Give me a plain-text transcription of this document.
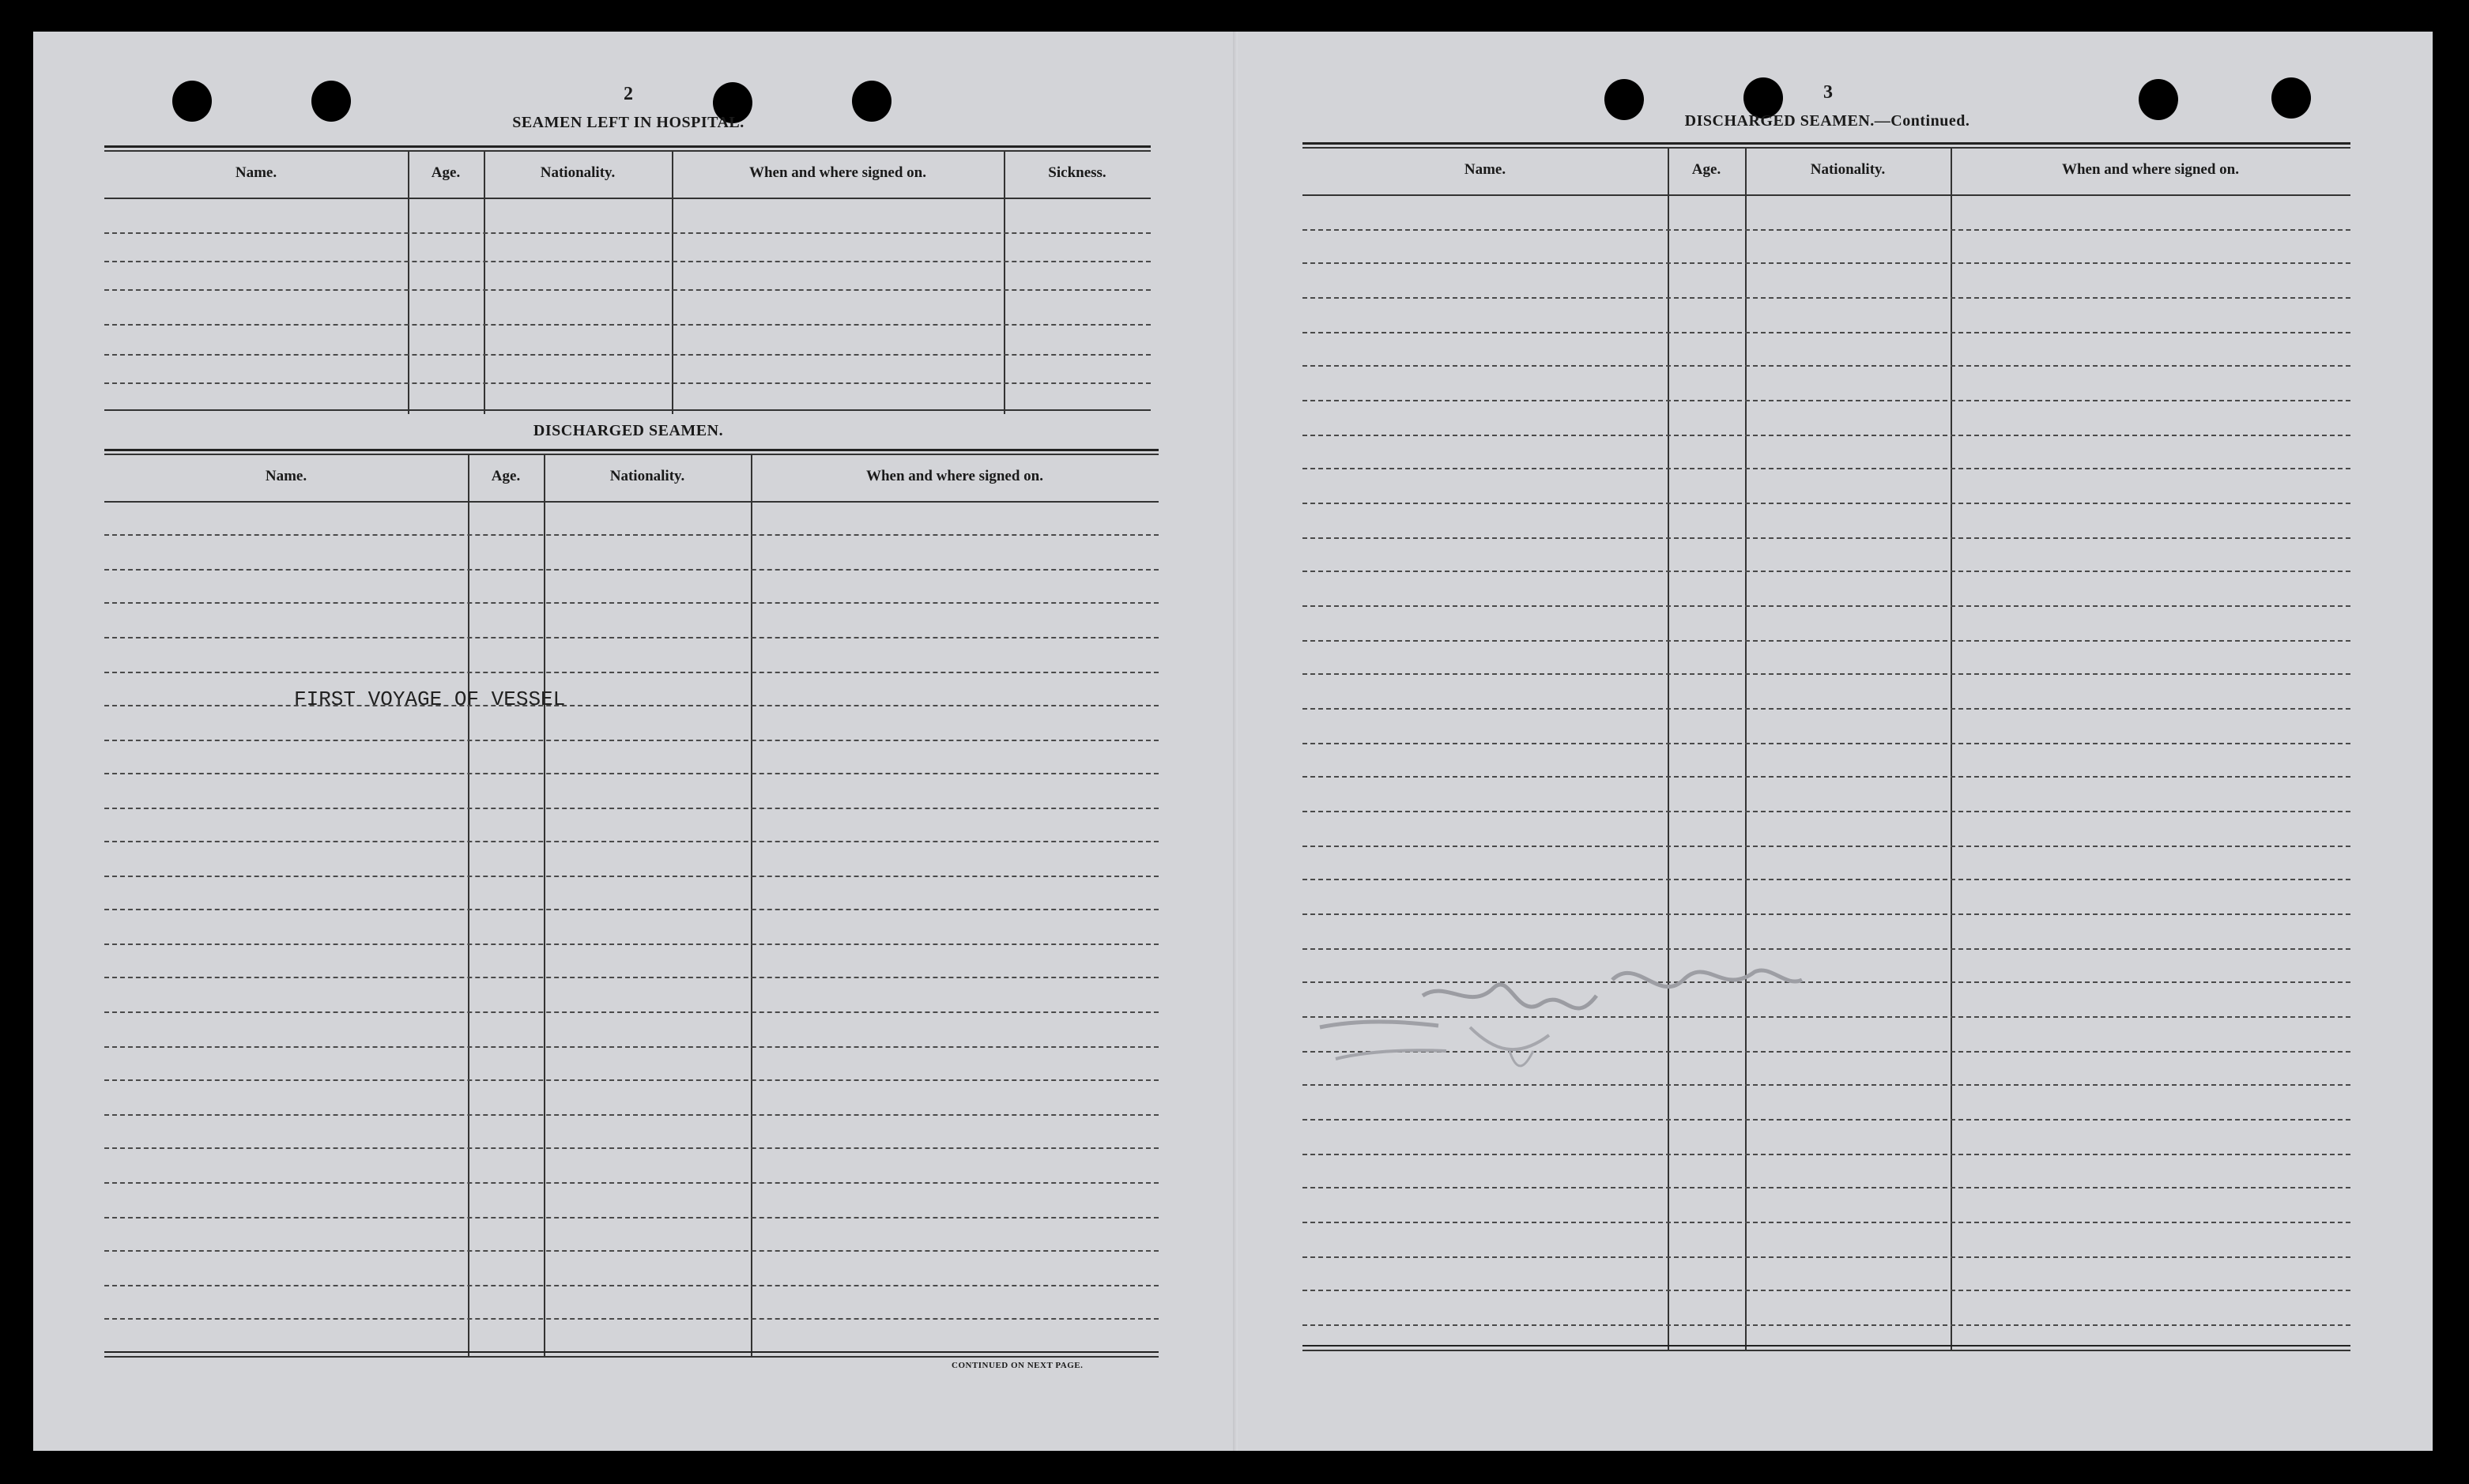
2
SEAMEN LEFT IN HOSPITAL.
Name.	Age.	Nationality.	When and where signed on.	Sickness.
DISCHARGED SEAMEN.
Name.	Age.	Nationality.	When and where signed on.
FIRST VOYAGE OF VESSEL
CONTINUED ON NEXT PAGE.
3
DISCHARGED SEAMEN.—Continued.
Name.	Age.	Nationality.	When and where signed on.
